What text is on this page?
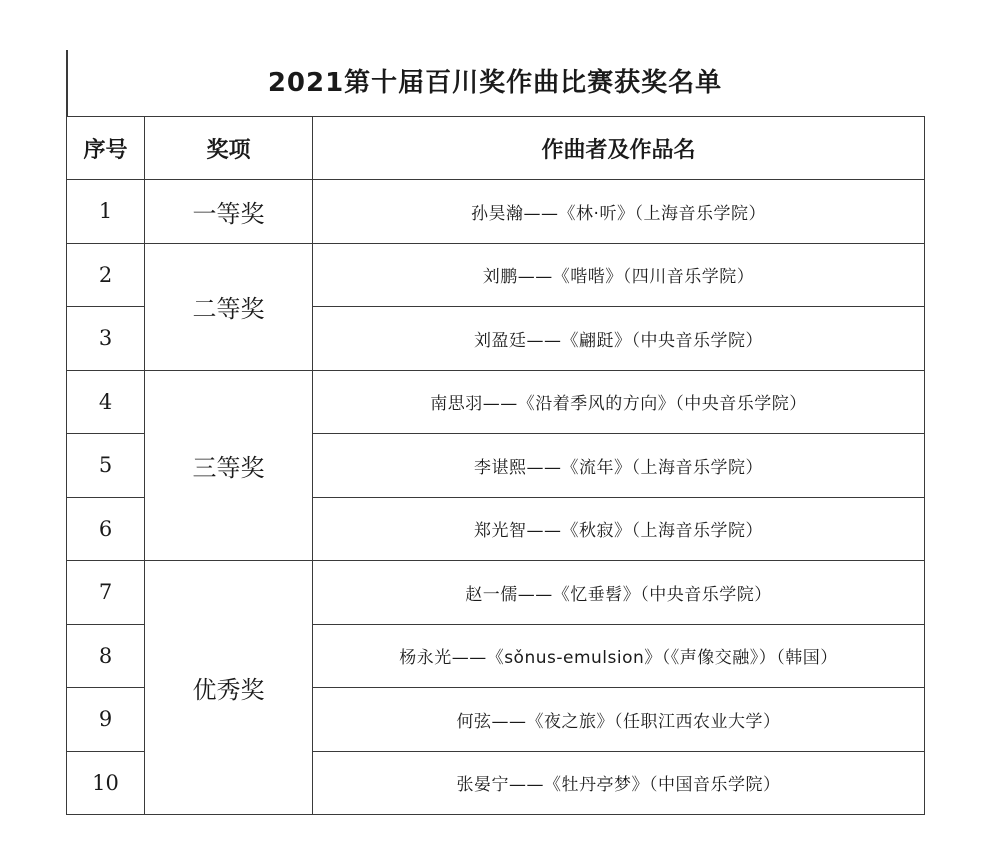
2021第十届百川奖作曲比赛获奖名单
序号	奖项	作曲者及作品名
1	一等奖	孙昊瀚——《林·听》（上海音乐学院）
2	二等奖	刘鹏——《喈喈》（四川音乐学院）
3		刘盈廷——《翩跹》（中央音乐学院）
4	三等奖	南思羽——《沿着季风的方向》（中央音乐学院）
5		李谌熙——《流年》（上海音乐学院）
6		郑光智——《秋寂》（上海音乐学院）
7	优秀奖	赵一儒——《忆垂髫》（中央音乐学院）
8		杨永光——《sǒnus-emulsion》（《声像交融》）（韩国）
9		何弦——《夜之旅》（任职江西农业大学）
10		张晏宁——《牡丹亭梦》（中国音乐学院）
